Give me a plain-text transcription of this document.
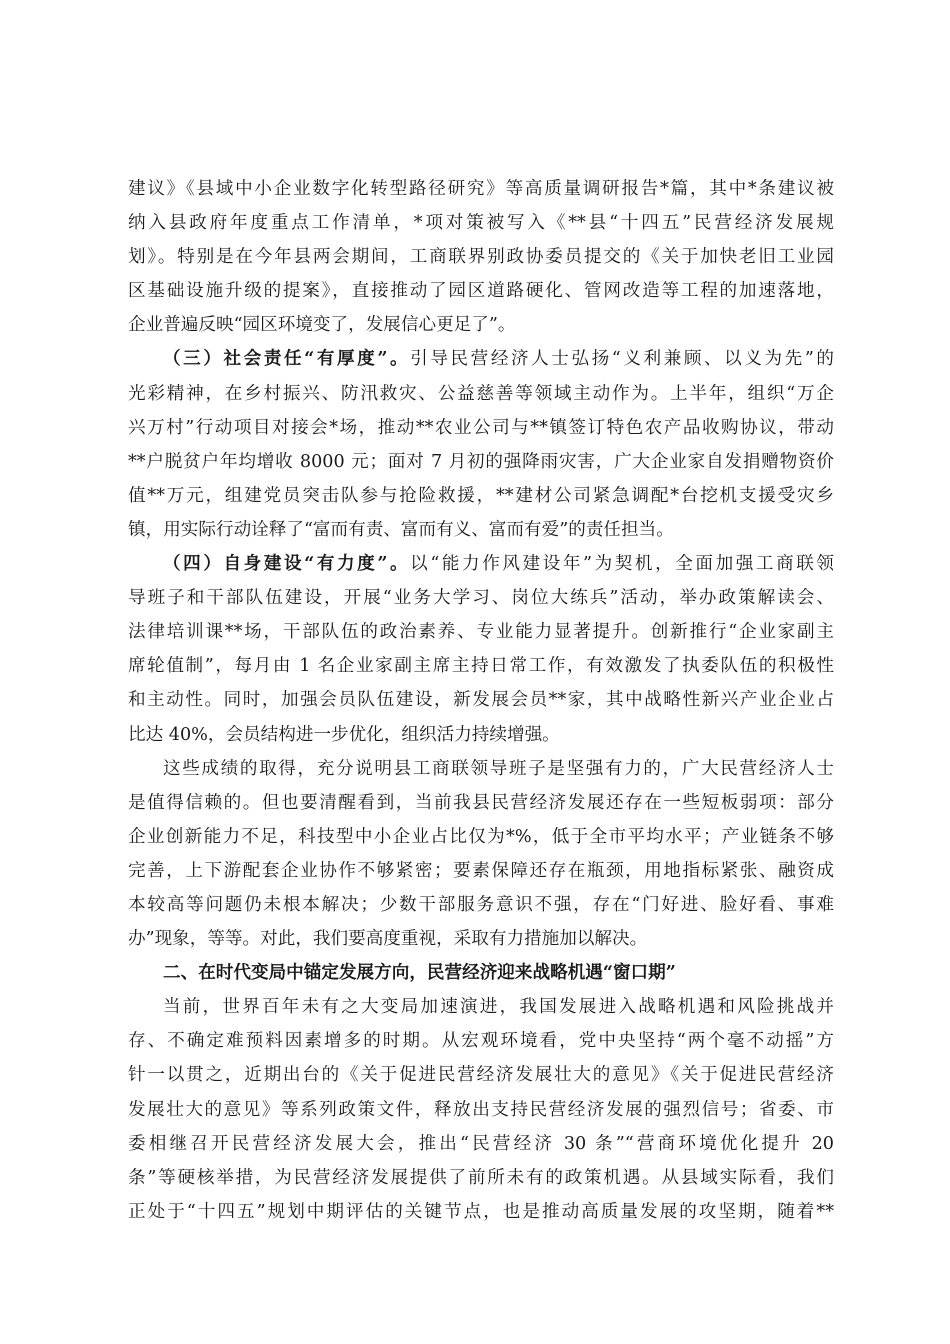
建议》《县域中小企业数字化转型路径研究》等高质量调研报告*篇，其中*条建议被
纳入县政府年度重点工作清单，*项对策被写入《**县“十四五”民营经济发展规
划》。特别是在今年县两会期间，工商联界别政协委员提交的《关于加快老旧工业园
区基础设施升级的提案》，直接推动了园区道路硬化、管网改造等工程的加速落地，
企业普遍反映“园区环境变了，发展信心更足了”。
（三）社会责任“有厚度”。引导民营经济人士弘扬“义利兼顾、以义为先”的
光彩精神，在乡村振兴、防汛救灾、公益慈善等领域主动作为。上半年，组织“万企
兴万村”行动项目对接会*场，推动**农业公司与**镇签订特色农产品收购协议，带动
**户脱贫户年均增收 8000 元；面对 7 月初的强降雨灾害，广大企业家自发捐赠物资价
值**万元，组建党员突击队参与抢险救援，**建材公司紧急调配*台挖机支援受灾乡
镇，用实际行动诠释了“富而有责、富而有义、富而有爱”的责任担当。
（四）自身建设“有力度”。以“能力作风建设年”为契机，全面加强工商联领
导班子和干部队伍建设，开展“业务大学习、岗位大练兵”活动，举办政策解读会、
法律培训课**场，干部队伍的政治素养、专业能力显著提升。创新推行“企业家副主
席轮值制”，每月由 1 名企业家副主席主持日常工作，有效激发了执委队伍的积极性
和主动性。同时，加强会员队伍建设，新发展会员**家，其中战略性新兴产业企业占
比达 40%，会员结构进一步优化，组织活力持续增强。
这些成绩的取得，充分说明县工商联领导班子是坚强有力的，广大民营经济人士
是值得信赖的。但也要清醒看到，当前我县民营经济发展还存在一些短板弱项：部分
企业创新能力不足，科技型中小企业占比仅为*%，低于全市平均水平；产业链条不够
完善，上下游配套企业协作不够紧密；要素保障还存在瓶颈，用地指标紧张、融资成
本较高等问题仍未根本解决；少数干部服务意识不强，存在“门好进、脸好看、事难
办”现象，等等。对此，我们要高度重视，采取有力措施加以解决。
二、在时代变局中锚定发展方向，民营经济迎来战略机遇“窗口期”
当前，世界百年未有之大变局加速演进，我国发展进入战略机遇和风险挑战并
存、不确定难预料因素增多的时期。从宏观环境看，党中央坚持“两个毫不动摇”方
针一以贯之，近期出台的《关于促进民营经济发展壮大的意见》《关于促进民营经济
发展壮大的意见》等系列政策文件，释放出支持民营经济发展的强烈信号；省委、市
委相继召开民营经济发展大会，推出“民营经济 30 条”“营商环境优化提升 20
条”等硬核举措，为民营经济发展提供了前所未有的政策机遇。从县域实际看，我们
正处于“十四五”规划中期评估的关键节点，也是推动高质量发展的攻坚期，随着**
